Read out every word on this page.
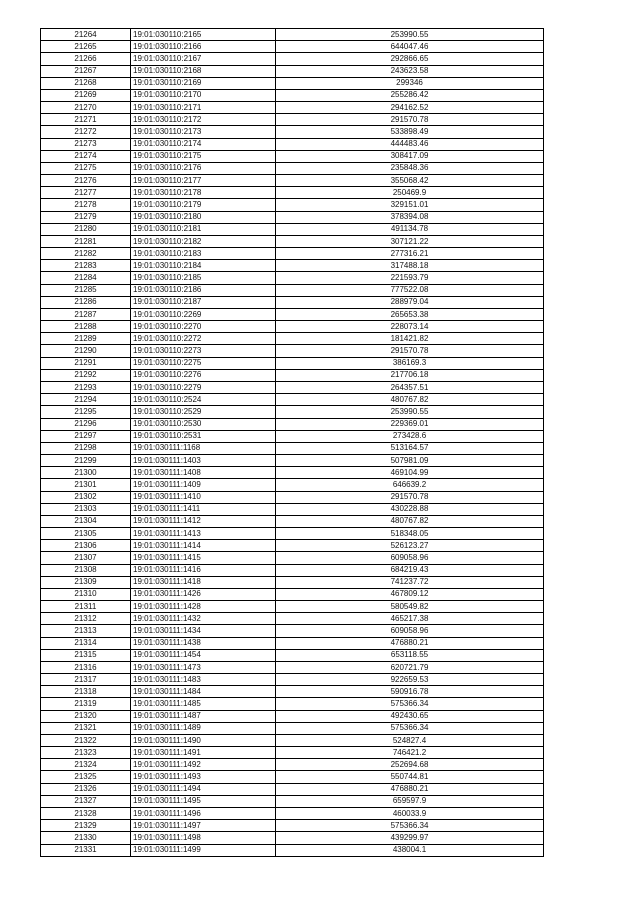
21264	19:01:030110:2165	253990.55
21265	19:01:030110:2166	644047.46
21266	19:01:030110:2167	292866.65
21267	19:01:030110:2168	243623.58
21268	19:01:030110:2169	299346
21269	19:01:030110:2170	255286.42
21270	19:01:030110:2171	294162.52
21271	19:01:030110:2172	291570.78
21272	19:01:030110:2173	533898.49
21273	19:01:030110:2174	444483.46
21274	19:01:030110:2175	308417.09
21275	19:01:030110:2176	235848.36
21276	19:01:030110:2177	355068.42
21277	19:01:030110:2178	250469.9
21278	19:01:030110:2179	329151.01
21279	19:01:030110:2180	378394.08
21280	19:01:030110:2181	491134.78
21281	19:01:030110:2182	307121.22
21282	19:01:030110:2183	277316.21
21283	19:01:030110:2184	317488.18
21284	19:01:030110:2185	221593.79
21285	19:01:030110:2186	777522.08
21286	19:01:030110:2187	288979.04
21287	19:01:030110:2269	265653.38
21288	19:01:030110:2270	228073.14
21289	19:01:030110:2272	181421.82
21290	19:01:030110:2273	291570.78
21291	19:01:030110:2275	386169.3
21292	19:01:030110:2276	217706.18
21293	19:01:030110:2279	264357.51
21294	19:01:030110:2524	480767.82
21295	19:01:030110:2529	253990.55
21296	19:01:030110:2530	229369.01
21297	19:01:030110:2531	273428.6
21298	19:01:030111:1168	513164.57
21299	19:01:030111:1403	507981.09
21300	19:01:030111:1408	469104.99
21301	19:01:030111:1409	646639.2
21302	19:01:030111:1410	291570.78
21303	19:01:030111:1411	430228.88
21304	19:01:030111:1412	480767.82
21305	19:01:030111:1413	518348.05
21306	19:01:030111:1414	526123.27
21307	19:01:030111:1415	609058.96
21308	19:01:030111:1416	684219.43
21309	19:01:030111:1418	741237.72
21310	19:01:030111:1426	467809.12
21311	19:01:030111:1428	580549.82
21312	19:01:030111:1432	465217.38
21313	19:01:030111:1434	609058.96
21314	19:01:030111:1438	476880.21
21315	19:01:030111:1454	653118.55
21316	19:01:030111:1473	620721.79
21317	19:01:030111:1483	922659.53
21318	19:01:030111:1484	590916.78
21319	19:01:030111:1485	575366.34
21320	19:01:030111:1487	492430.65
21321	19:01:030111:1489	575366.34
21322	19:01:030111:1490	524827.4
21323	19:01:030111:1491	746421.2
21324	19:01:030111:1492	252694.68
21325	19:01:030111:1493	550744.81
21326	19:01:030111:1494	476880.21
21327	19:01:030111:1495	659597.9
21328	19:01:030111:1496	460033.9
21329	19:01:030111:1497	575366.34
21330	19:01:030111:1498	439299.97
21331	19:01:030111:1499	438004.1
